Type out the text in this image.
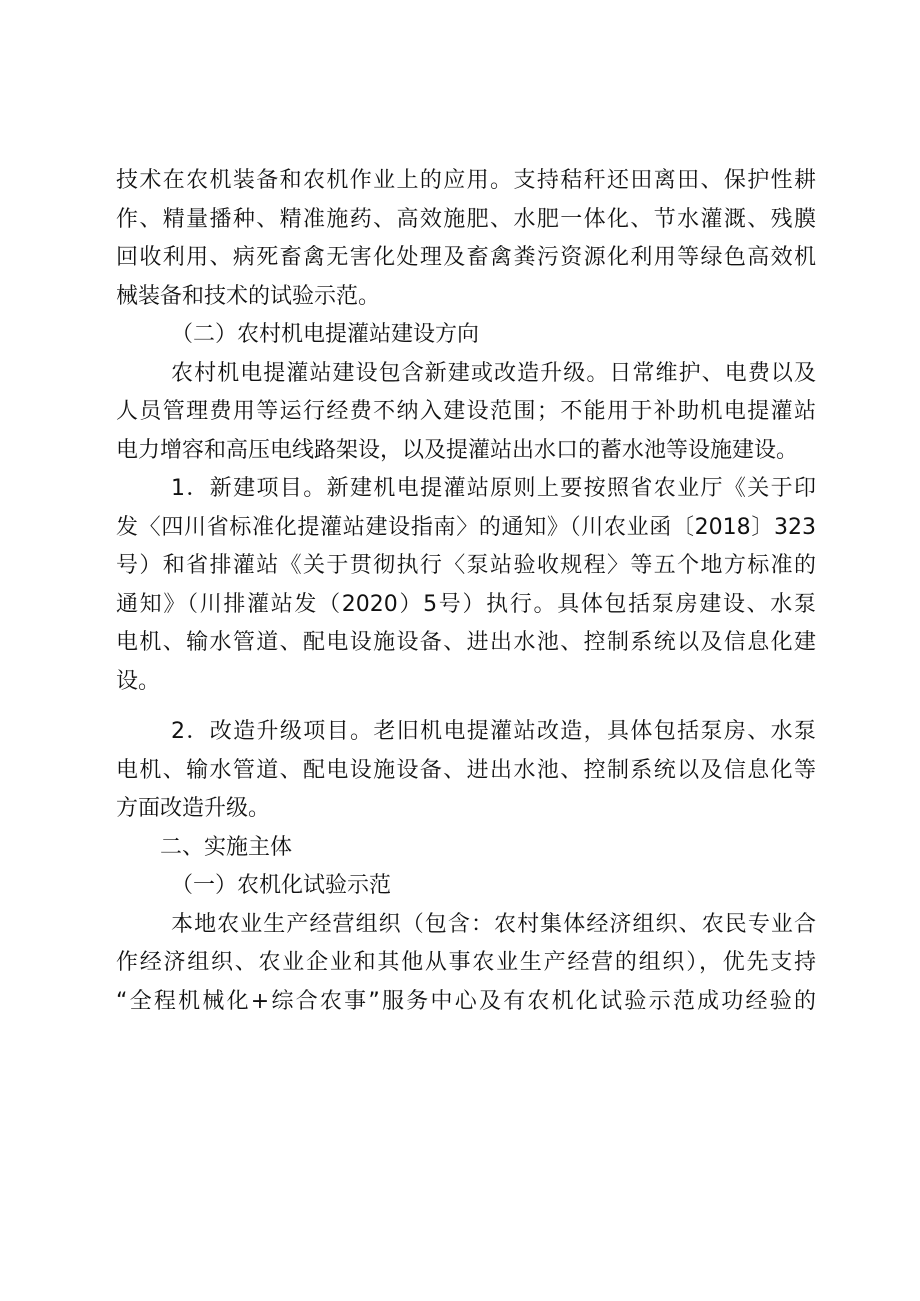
技术在农机装备和农机作业上的应用。支持秸秆还田离田、保护性耕
作、精量播种、精准施药、高效施肥、水肥一体化、节水灌溉、残膜
回收利用、病死畜禽无害化处理及畜禽粪污资源化利用等绿色高效机
械装备和技术的试验示范。
（二）农村机电提灌站建设方向
农村机电提灌站建设包含新建或改造升级。日常维护、电费以及
人员管理费用等运行经费不纳入建设范围；不能用于补助机电提灌站
电力增容和高压电线路架设，以及提灌站出水口的蓄水池等设施建设。
1．新建项目。新建机电提灌站原则上要按照省农业厅《关于印
发〈四川省标准化提灌站建设指南〉的通知》（川农业函〔2018〕323
号）和省排灌站《关于贯彻执行〈泵站验收规程〉等五个地方标准的
通知》（川排灌站发（2020）5号）执行。具体包括泵房建设、水泵
电机、输水管道、配电设施设备、进出水池、控制系统以及信息化建
设。
2．改造升级项目。老旧机电提灌站改造，具体包括泵房、水泵
电机、输水管道、配电设施设备、进出水池、控制系统以及信息化等
方面改造升级。
二、实施主体
（一）农机化试验示范
本地农业生产经营组织（包含：农村集体经济组织、农民专业合
作经济组织、农业企业和其他从事农业生产经营的组织），优先支持
“全程机械化+综合农事”服务中心及有农机化试验示范成功经验的
